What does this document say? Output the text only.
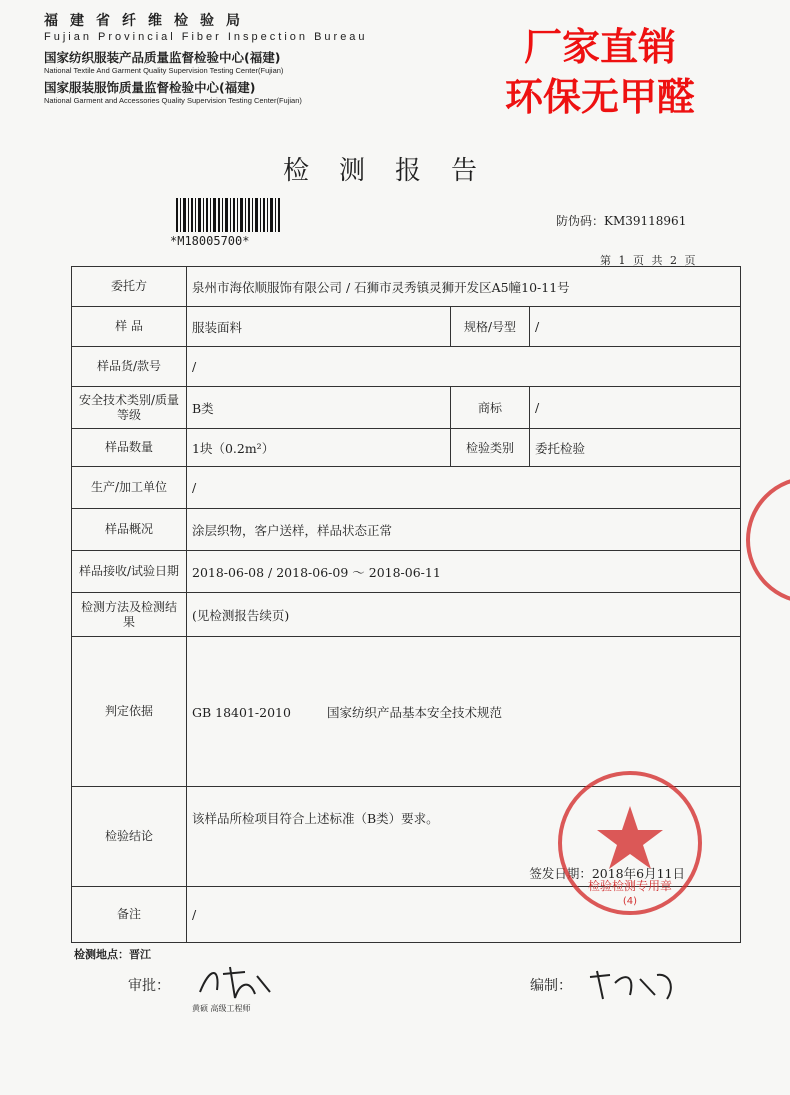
福建省纤维检验局
Fujian Provincial Fiber Inspection Bureau
国家纺织服装产品质量监督检验中心(福建)
National Textile And Garment Quality Supervision Testing Center(Fujian)
国家服装服饰质量监督检验中心(福建)
National Garment and Accessories Quality Supervision Testing Center(Fujian)
厂家直销
环保无甲醛
检测报告
*M18005700*
防伪码：KM39118961
第 1 页 共 2 页
委托方	泉州市海依顺服饰有限公司 / 石狮市灵秀镇灵狮开发区A5幢10-11号		
样 品	服装面料	规格/号型	/
样品货/款号	/		
安全技术类别/质量等级	B类	商标	/
样品数量	1块（0.2m²）	检验类别	委托检验
生产/加工单位	/		
样品概况	涂层织物，客户送样，样品状态正常		
样品接收/试验日期	2018-06-08 / 2018-06-09 ～ 2018-06-11		
检测方法及检测结果	(见检测报告续页)		
判定依据	GB 18401-2010 国家纺织产品基本安全技术规范		
检验结论	该样品所检项目符合上述标准（B类）要求。
签发日期：2018年6月11日		

备注	/		
检验检测专用章
(4)
检测地点：晋江
审批：
黄硕 高级工程师
编制：
